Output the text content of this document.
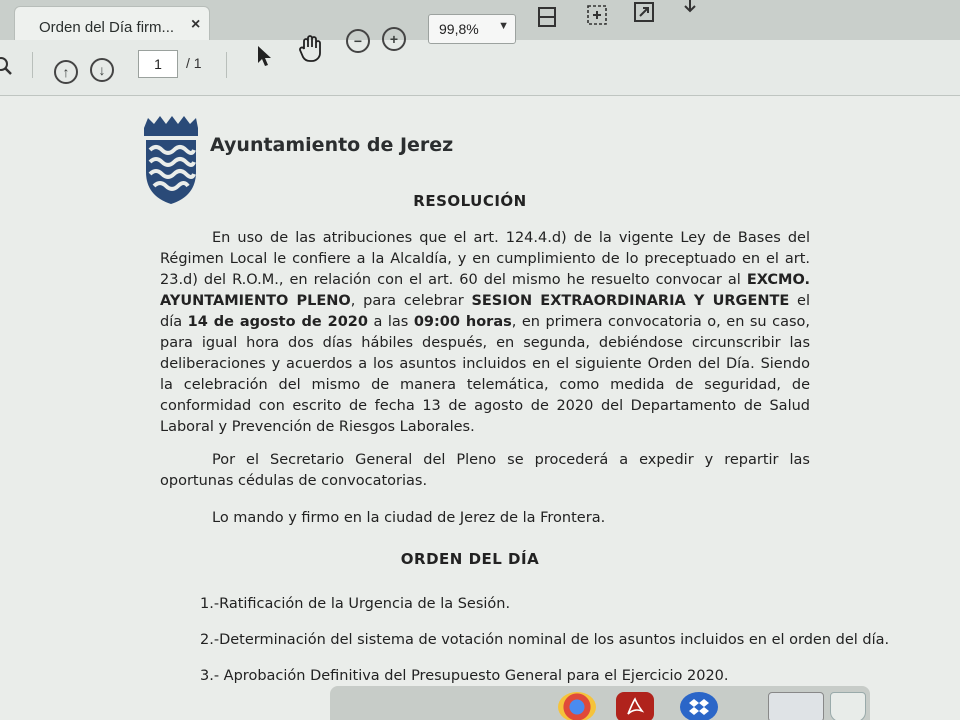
Orden del Día firm... ×
↑	↓	1	/ 1
−	+
99,8% ▼
Ayuntamiento de Jerez
RESOLUCIÓN
En uso de las atribuciones que el art. 124.4.d) de la vigente Ley de Bases del Régimen Local le confiere a la Alcaldía, y en cumplimiento de lo preceptuado en el art. 23.d) del R.O.M., en relación con el art. 60 del mismo he resuelto convocar al EXCMO. AYUNTAMIENTO PLENO, para celebrar SESION EXTRAORDINARIA Y URGENTE el día 14 de agosto de 2020 a las 09:00 horas, en primera convocatoria o, en su caso, para igual hora dos días hábiles después, en segunda, debiéndose circunscribir las deliberaciones y acuerdos a los asuntos incluidos en el siguiente Orden del Día. Siendo la celebración del mismo de manera telemática, como medida de seguridad, de conformidad con escrito de fecha 13 de agosto de 2020 del Departamento de Salud Laboral y Prevención de Riesgos Laborales.
Por el Secretario General del Pleno se procederá a expedir y repartir las oportunas cédulas de convocatorias.
Lo mando y firmo en la ciudad de Jerez de la Frontera.
ORDEN DEL DÍA
1.-Ratificación de la Urgencia de la Sesión.
2.-Determinación del sistema de votación nominal de los asuntos incluidos en el orden del día.
3.- Aprobación Definitiva del Presupuesto General para el Ejercicio 2020.
